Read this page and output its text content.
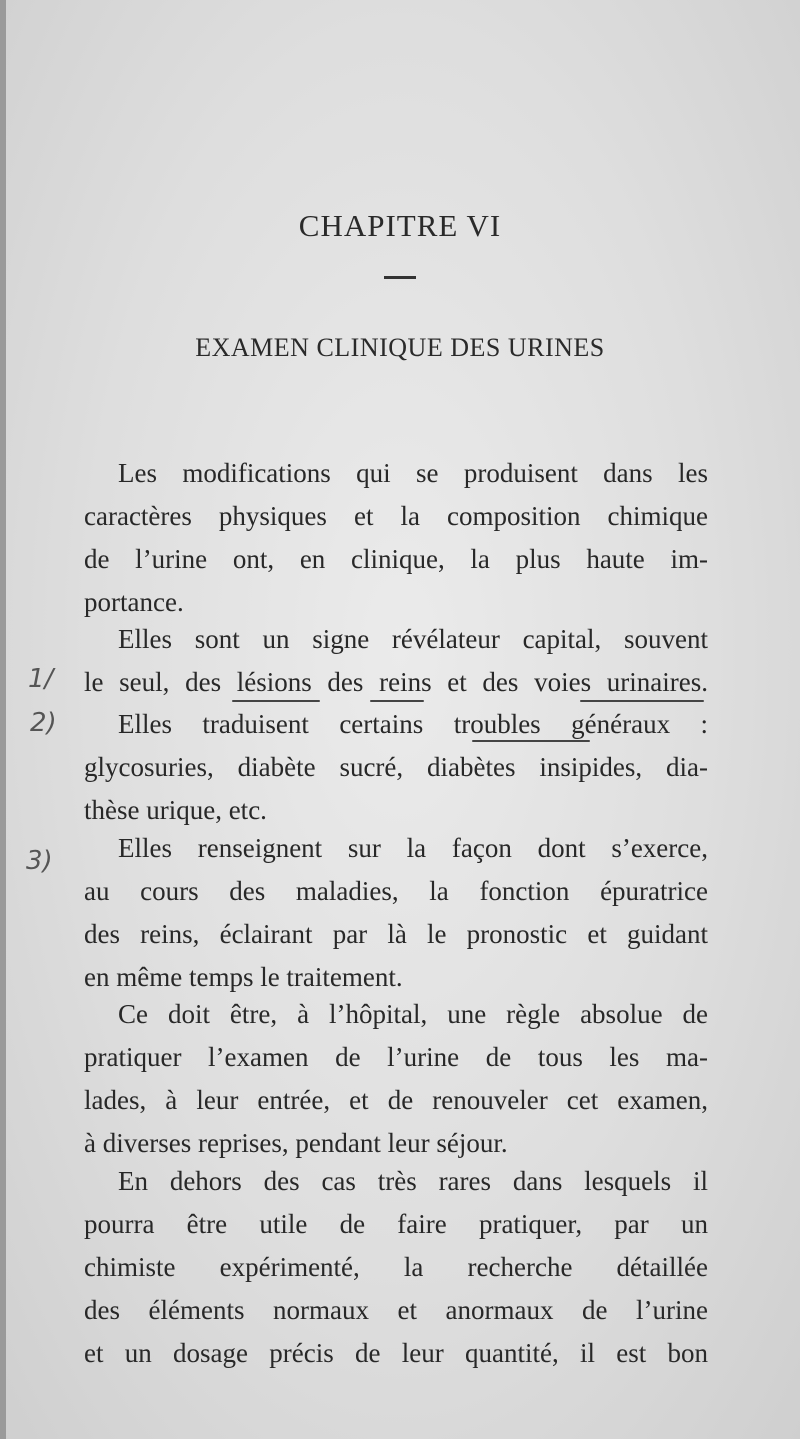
CHAPITRE VI
EXAMEN CLINIQUE DES URINES
Les modifications qui se produisent dans les
caractères physiques et la composition chimique
de l’urine ont, en clinique, la plus haute im-
portance.
Elles sont un signe révélateur capital, souvent
le seul, des lésions des reins et des voies urinaires.
Elles traduisent certains troubles généraux :
glycosuries, diabète sucré, diabètes insipides, dia-
thèse urique, etc.
Elles renseignent sur la façon dont s’exerce,
au cours des maladies, la fonction épuratrice
des reins, éclairant par là le pronostic et guidant
en même temps le traitement.
Ce doit être, à l’hôpital, une règle absolue de
pratiquer l’examen de l’urine de tous les ma-
lades, à leur entrée, et de renouveler cet examen,
à diverses reprises, pendant leur séjour.
En dehors des cas très rares dans lesquels il
pourra être utile de faire pratiquer, par un
chimiste expérimenté, la recherche détaillée
des éléments normaux et anormaux de l’urine
et un dosage précis de leur quantité, il est bon
1/
2)
3)
